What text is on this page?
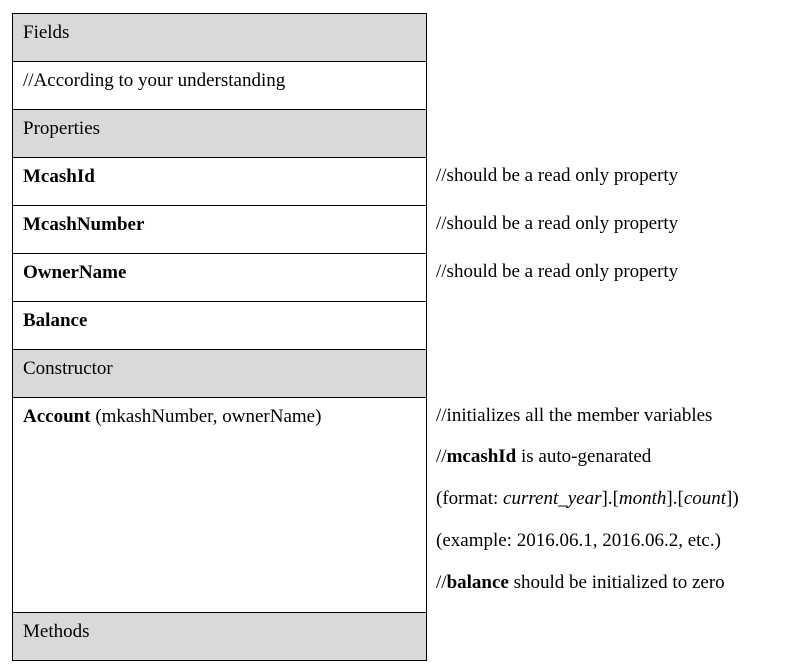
Fields
//According to your understanding
Properties
McashId
McashNumber
OwnerName
Balance
Constructor
Account (mkashNumber, ownerName)
Methods
//should be a read only property
//should be a read only property
//should be a read only property
//initializes all the member variables
//mcashId is auto-genarated
(format: current_year].[month].[count])
(example: 2016.06.1, 2016.06.2, etc.)
//balance should be initialized to zero
